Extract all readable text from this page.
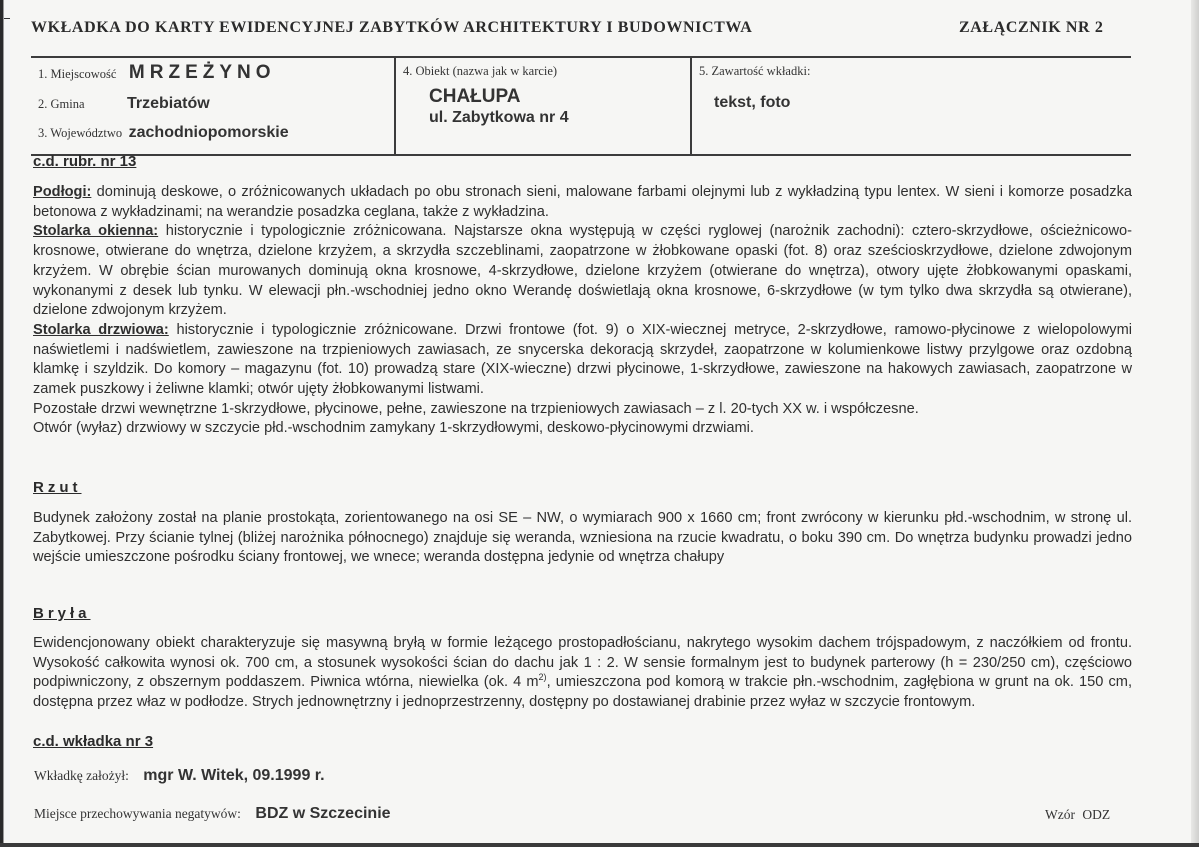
WKŁADKA DO KARTY EWIDENCYJNEJ ZABYTKÓW ARCHITEKTURY I BUDOWNICTWA	ZAŁĄCZNIK NR 2
1. Miejscowość MRZEŻYNO
2. Gmina	Trzebiatów
3. Województwo zachodniopomorskie
4. Obiekt (nazwa jak w karcie)
CHAŁUPA
ul. Zabytkowa nr 4
5. Zawartość wkładki:
tekst, foto
c.d. rubr. nr 13

Podłogi: dominują deskowe, o zróżnicowanych układach po obu stronach sieni, malowane farbami olejnymi lub z wykładziną typu lentex. W sieni i komorze posadzka betonowa z wykładzinami; na werandzie posadzka ceglana, także z wykładzina.

Stolarka okienna: historycznie i typologicznie zróżnicowana. Najstarsze okna występują w części ryglowej (narożnik zachodni): cztero-skrzydłowe, ościeżnicowo-krosnowe, otwierane do wnętrza, dzielone krzyżem, a skrzydła szczeblinami, zaopatrzone w żłobkowane opaski (fot. 8) oraz sześcioskrzydłowe, dzielone zdwojonym krzyżem. W obrębie ścian murowanych dominują okna krosnowe, 4-skrzydłowe, dzielone krzyżem (otwierane do wnętrza), otwory ujęte żłobkowanymi opaskami, wykonanymi z desek lub tynku. W elewacji płn.-wschodniej jedno okno Werandę doświetlają okna krosnowe, 6-skrzydłowe (w tym tylko dwa skrzydła są otwierane), dzielone zdwojonym krzyżem.

Stolarka drzwiowa: historycznie i typologicznie zróżnicowane. Drzwi frontowe (fot. 9) o XIX-wiecznej metryce, 2-skrzydłowe, ramowo-płycinowe z wielopolowymi naświetlemi i nadświetlem, zawieszone na trzpieniowych zawiasach, ze snycerska dekoracją skrzydeł, zaopatrzone w kolumienkowe listwy przylgowe oraz ozdobną klamkę i szyldzik. Do komory – magazynu (fot. 10) prowadzą stare (XIX-wieczne) drzwi płycinowe, 1-skrzydłowe, zawieszone na hakowych zawiasach, zaopatrzone w zamek puszkowy i żeliwne klamki; otwór ujęty żłobkowanymi listwami.

Pozostałe drzwi wewnętrzne 1-skrzydłowe, płycinowe, pełne, zawieszone na trzpieniowych zawiasach – z l. 20-tych XX w. i współczesne.

Otwór (wyłaz) drzwiowy w szczycie płd.-wschodnim zamykany 1-skrzydłowymi, deskowo-płycinowymi drzwiami.

Rzut

Budynek założony został na planie prostokąta, zorientowanego na osi SE – NW, o wymiarach 900 x 1660 cm; front zwrócony w kierunku płd.-wschodnim, w stronę ul. Zabytkowej. Przy ścianie tylnej (bliżej narożnika północnego) znajduje się weranda, wzniesiona na rzucie kwadratu, o boku 390 cm. Do wnętrza budynku prowadzi jedno wejście umieszczone pośrodku ściany frontowej, we wnece; weranda dostępna jedynie od wnętrza chałupy

Bryła

Ewidencjonowany obiekt charakteryzuje się masywną bryłą w formie leżącego prostopadłościanu, nakrytego wysokim dachem trójspadowym, z naczółkiem od frontu. Wysokość całkowita wynosi ok. 700 cm, a stosunek wysokości ścian do dachu jak 1 : 2. W sensie formalnym jest to budynek parterowy (h = 230/250 cm), częściowo podpiwniczony, z obszernym poddaszem. Piwnica wtórna, niewielka (ok. 4 $m^{2)}$, umieszczona pod komorą w trakcie płn.-wschodnim, zagłębiona w grunt na ok. 150 cm, dostępna przez właz w podłodze. Strych jednownętrzny i jednoprzestrzenny, dostępny po dostawianej drabinie przez wyłaz w szczycie frontowym.

c.d. wkładka nr 3
Wkładkę założył: mgr W. Witek, 09.1999 r.
Miejsce przechowywania negatywów: BDZ w Szczecinie	Wzór ODZ
